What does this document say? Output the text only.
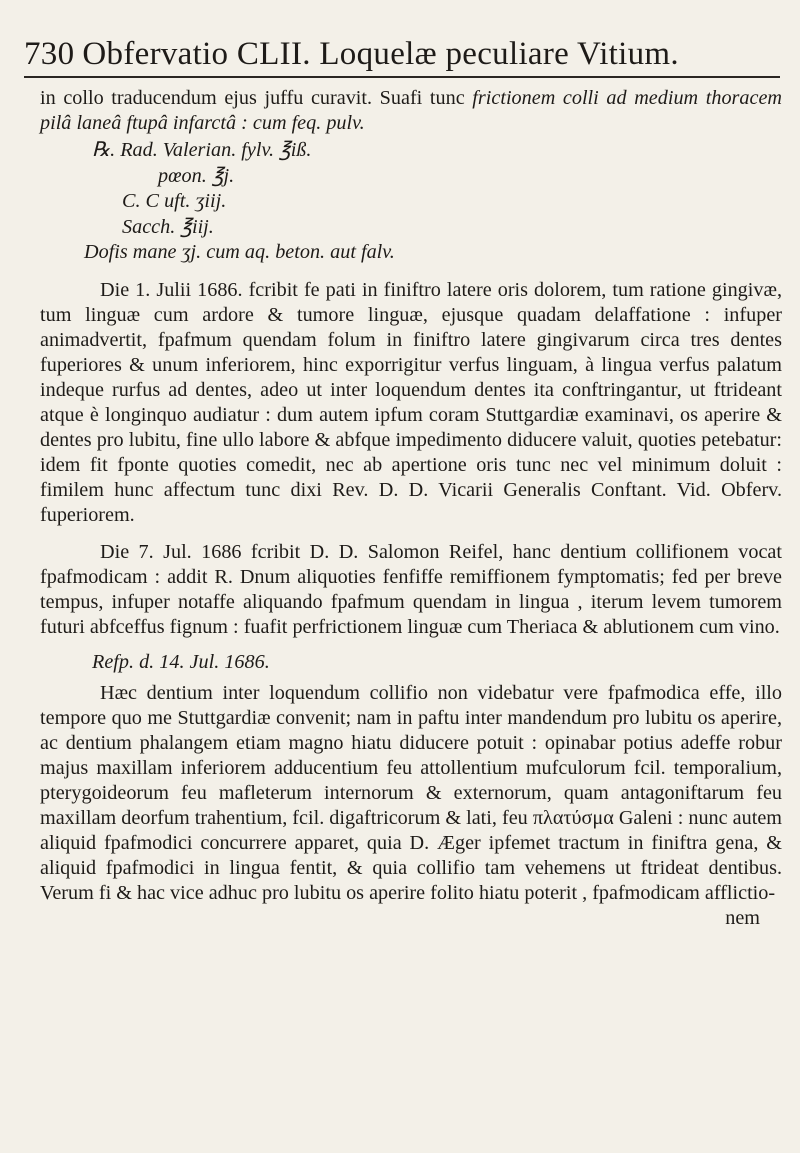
730 Obfervatio CLII. Loquelæ peculiare Vitium.

in collo traducendum ejus juffu curavit. Suafi tunc frictionem colli ad medium thoracem pilâ laneâ ftupâ infarctâ : cum feq. pulv.

℞. Rad. Valerian. fylv. ℥iß.
pœon. ℥j.
C. C uft. ʒiij.
Sacch. ℥iij.
Dofis mane ʒj. cum aq. beton. aut falv.

Die 1. Julii 1686. fcribit fe pati in finiftro latere oris dolorem, tum ratione gingivæ, tum linguæ cum ardore & tumore linguæ, ejusque quadam delaffatione : infuper animadvertit, fpafmum quendam folum in finiftro latere gingivarum circa tres dentes fuperiores & unum inferiorem, hinc exporrigitur verfus linguam, à lingua verfus palatum indeque rurfus ad dentes, adeo ut inter loquendum dentes ita conftringantur, ut ftrideant atque è longinquo audiatur : dum autem ipfum coram Stuttgardiæ examinavi, os aperire & dentes pro lubitu, fine ullo labore & abfque impedimento diducere valuit, quoties petebatur: idem fit fponte quoties comedit, nec ab apertione oris tunc nec vel minimum doluit : fimilem hunc affectum tunc dixi Rev. D. D. Vicarii Generalis Conftant. Vid. Obferv. fuperiorem.

Die 7. Jul. 1686 fcribit D. D. Salomon Reifel, hanc dentium collifionem vocat fpafmodicam : addit R. Dnum aliquoties fenfiffe remiffionem fymptomatis; fed per breve tempus, infuper notaffe aliquando fpafmum quendam in lingua , iterum levem tumorem futuri abfceffus fignum : fuafit perfrictionem linguæ cum Theriaca & ablutionem cum vino.

Refp. d. 14. Jul. 1686.

Hæc dentium inter loquendum collifio non videbatur vere fpafmodica effe, illo tempore quo me Stuttgardiæ convenit; nam in paftu inter mandendum pro lubitu os aperire, ac dentium phalangem etiam magno hiatu diducere potuit : opinabar potius adeffe robur majus maxillam inferiorem adducentium feu attollentium mufculorum fcil. temporalium, pterygoideorum feu mafleterum internorum & externorum, quam antagoniftarum feu maxillam deorfum trahentium, fcil. digaftricorum & lati, feu πλατύσμα Galeni : nunc autem aliquid fpafmodici concurrere apparet, quia D. Æger ipfemet tractum in finiftra gena, & aliquid fpafmodici in lingua fentit, & quia collifio tam vehemens ut ftrideat dentibus. Verum fi & hac vice adhuc pro lubitu os aperire folito hiatu poterit , fpafmodicam afflictio-

nem
